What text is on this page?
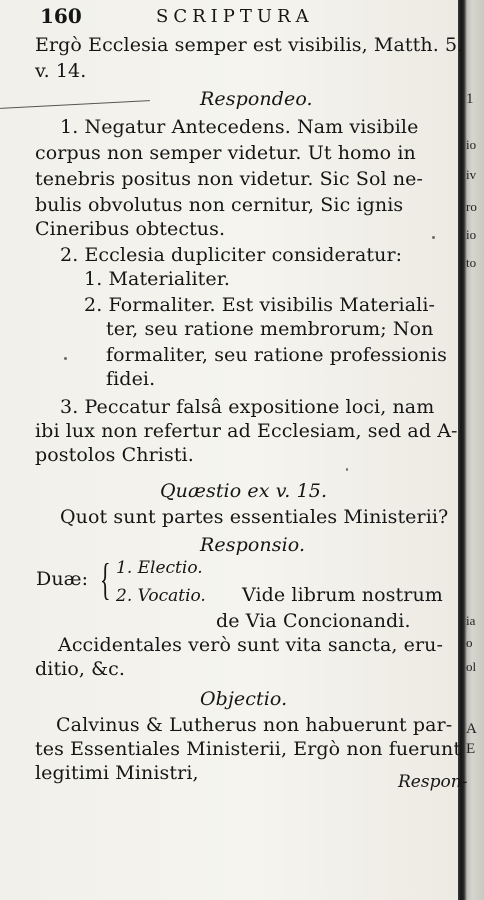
1
io
iv
ro
io
to
ia
o
ol
A
E
160	SCRIPTURA
Ergò Ecclesia semper est visibilis, Matth. 5.
v. 14.
Respondeo.
1. Negatur Antecedens. Nam visibile
corpus non semper videtur. Ut homo in
tenebris positus non videtur. Sic Sol ne-
bulis obvolutus non cernitur, Sic ignis
Cineribus obtectus.
2. Ecclesia dupliciter consideratur:
1. Materialiter.
2. Formaliter. Est visibilis Materiali-
ter, seu ratione membrorum; Non
formaliter, seu ratione professionis
fidei.
3. Peccatur falsâ expositione loci, nam
ibi lux non refertur ad Ecclesiam, sed ad A-
postolos Christi.
Quæstio ex v. 15.
Quot sunt partes essentiales Ministerii?
Responsio.
Duæ: { 1. Electio.
2. Vocatio. Vide librum nostrum
de Via Concionandi.
Accidentales verò sunt vita sancta, eru-
ditio, &c.
Objectio.
Calvinus & Lutherus non habuerunt par-
tes Essentiales Ministerii, Ergò non fuerunt
legitimi Ministri,	Respon-
